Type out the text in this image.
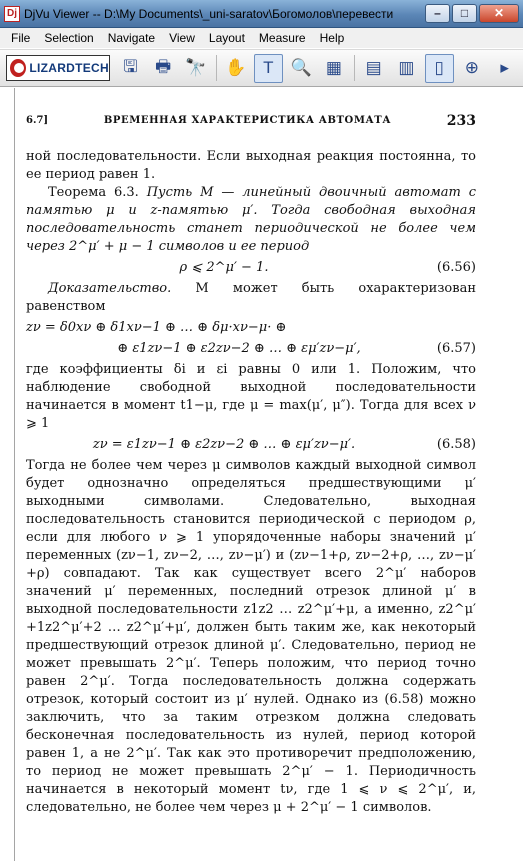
Dj DjVu Viewer -- D:\My Documents\_uni-saratov\Богомолов\перевести	–	□	✕
File	Selection	Navigate	View	Layout	Measure	Help
LIZARDTECH 🖫	🖶 🔭 ✋ T 🔍 ▦	▤ ▥	▯	⊕	▸
6.7]	ВРЕМЕННАЯ ХАРАКТЕРИСТИКА АВТОМАТА	233

ной последовательности. Если выходная реакция постоянна, то ее период равен 1.

Теорема 6.3. Пусть M — линейный двоичный автомат с памятью μ и z-памятью μ′. Тогда свободная выходная последовательность станет периодической не более чем через 2^μ′ + μ − 1 символов и ее период

ρ ⩽ 2^μ′ − 1.	(6.56)

Доказательство. M может быть охарактеризован равенством

zν = δ0xν ⊕ δ1xν−1 ⊕ … ⊕ δμ·xν−μ· ⊕
⊕ ε1zν−1 ⊕ ε2zν−2 ⊕ … ⊕ εμ′zν−μ′,	(6.57)

где коэффициенты δi и εi равны 0 или 1. Положим, что наблюдение свободной выходной последовательности начинается в момент t1−μ, где μ = max(μ′, μ″). Тогда для всех ν ⩾ 1

zν = ε1zν−1 ⊕ ε2zν−2 ⊕ … ⊕ εμ′zν−μ′.	(6.58)

Тогда не более чем через μ символов каждый выходной символ будет однозначно определяться предшествующими μ′ выходными символами. Следовательно, выходная последовательность становится периодической с периодом ρ, если для любого ν ⩾ 1 упорядоченные наборы значений μ′ переменных (zν−1, zν−2, …, zν−μ′) и (zν−1+ρ, zν−2+ρ, …, zν−μ′+ρ) совпадают. Так как существует всего 2^μ′ наборов значений μ′ переменных, последний отрезок длиной μ′ в выходной последовательности z1z2 … z2^μ′+μ, а именно, z2^μ′+1z2^μ′+2 … z2^μ′+μ′, должен быть таким же, как некоторый предшествующий отрезок длиной μ′. Следовательно, период не может превышать 2^μ′. Теперь положим, что период точно равен 2^μ′. Тогда последовательность должна содержать отрезок, который состоит из μ′ нулей. Однако из (6.58) можно заключить, что за таким отрезком должна следовать бесконечная последовательность из нулей, период которой равен 1, а не 2^μ′. Так как это противоречит предположению, то период не может превышать 2^μ′ − 1. Периодичность начинается в некоторый момент tν, где 1 ⩽ ν ⩽ 2^μ′, и, следовательно, не более чем через μ + 2^μ′ − 1 символов.
